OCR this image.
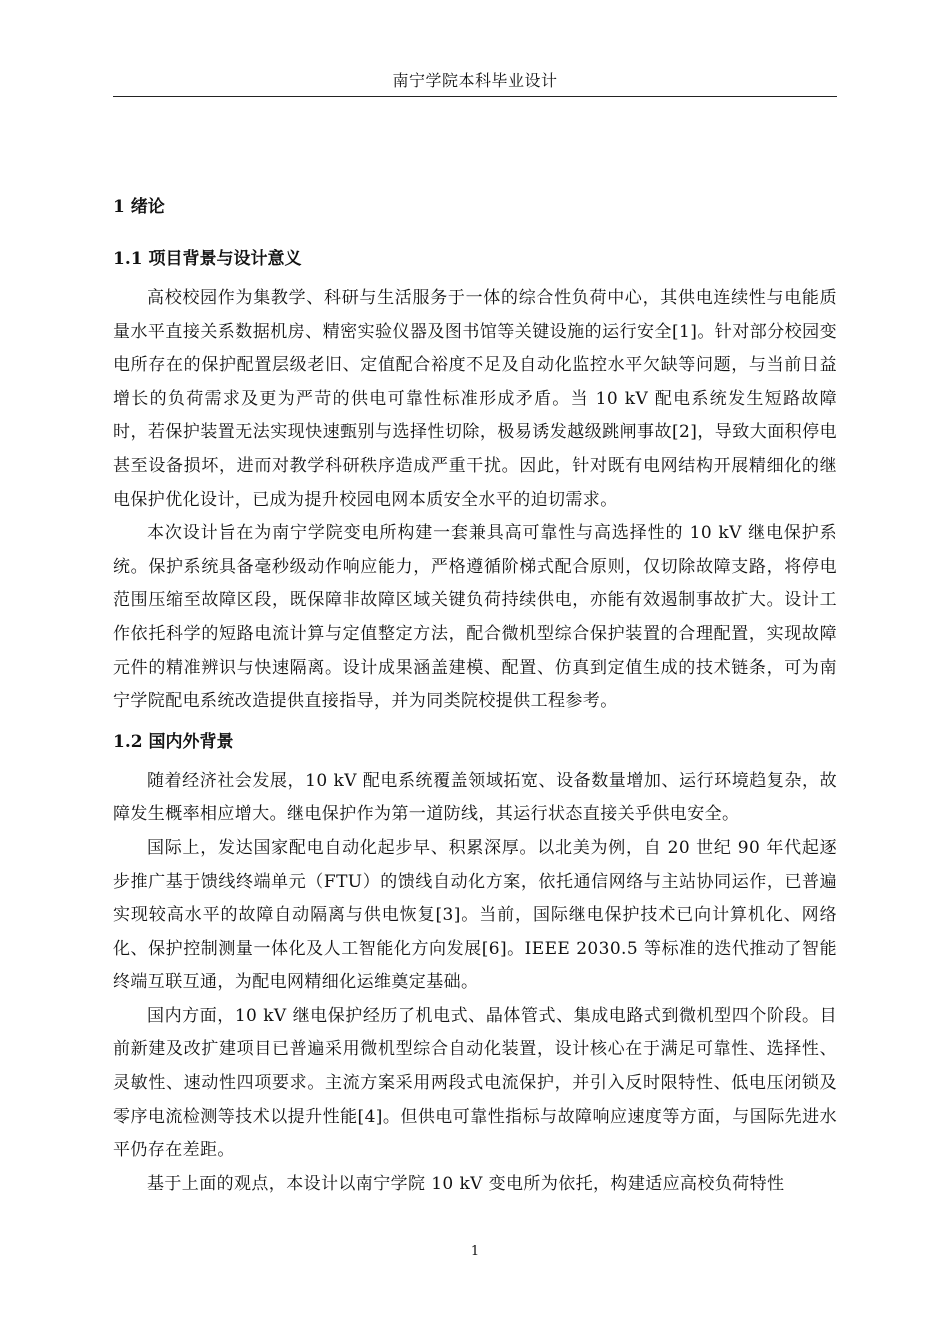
南宁学院本科毕业设计
1 绪论
1.1 项目背景与设计意义

高校校园作为集教学、科研与生活服务于一体的综合性负荷中心，其供电连续性与电能质量水平直接关系数据机房、精密实验仪器及图书馆等关键设施的运行安全[1]。针对部分校园变电所存在的保护配置层级老旧、定值配合裕度不足及自动化监控水平欠缺等问题，与当前日益增长的负荷需求及更为严苛的供电可靠性标准形成矛盾。当 10 kV 配电系统发生短路故障时，若保护装置无法实现快速甄别与选择性切除，极易诱发越级跳闸事故[2]，导致大面积停电甚至设备损坏，进而对教学科研秩序造成严重干扰。因此，针对既有电网结构开展精细化的继电保护优化设计，已成为提升校园电网本质安全水平的迫切需求。

本次设计旨在为南宁学院变电所构建一套兼具高可靠性与高选择性的 10 kV 继电保护系统。保护系统具备毫秒级动作响应能力，严格遵循阶梯式配合原则，仅切除故障支路，将停电范围压缩至故障区段，既保障非故障区域关键负荷持续供电，亦能有效遏制事故扩大。设计工作依托科学的短路电流计算与定值整定方法，配合微机型综合保护装置的合理配置，实现故障元件的精准辨识与快速隔离。设计成果涵盖建模、配置、仿真到定值生成的技术链条，可为南宁学院配电系统改造提供直接指导，并为同类院校提供工程参考。

1.2 国内外背景

随着经济社会发展，10 kV 配电系统覆盖领域拓宽、设备数量增加、运行环境趋复杂，故障发生概率相应增大。继电保护作为第一道防线，其运行状态直接关乎供电安全。

国际上，发达国家配电自动化起步早、积累深厚。以北美为例，自 20 世纪 90 年代起逐步推广基于馈线终端单元（FTU）的馈线自动化方案，依托通信网络与主站协同运作，已普遍实现较高水平的故障自动隔离与供电恢复[3]。当前，国际继电保护技术已向计算机化、网络化、保护控制测量一体化及人工智能化方向发展[6]。IEEE 2030.5 等标准的迭代推动了智能终端互联互通，为配电网精细化运维奠定基础。

国内方面，10 kV 继电保护经历了机电式、晶体管式、集成电路式到微机型四个阶段。目前新建及改扩建项目已普遍采用微机型综合自动化装置，设计核心在于满足可靠性、选择性、灵敏性、速动性四项要求。主流方案采用两段式电流保护，并引入反时限特性、低电压闭锁及零序电流检测等技术以提升性能[4]。但供电可靠性指标与故障响应速度等方面，与国际先进水平仍存在差距。

基于上面的观点，本设计以南宁学院 10 kV 变电所为依托，构建适应高校负荷特性

1
